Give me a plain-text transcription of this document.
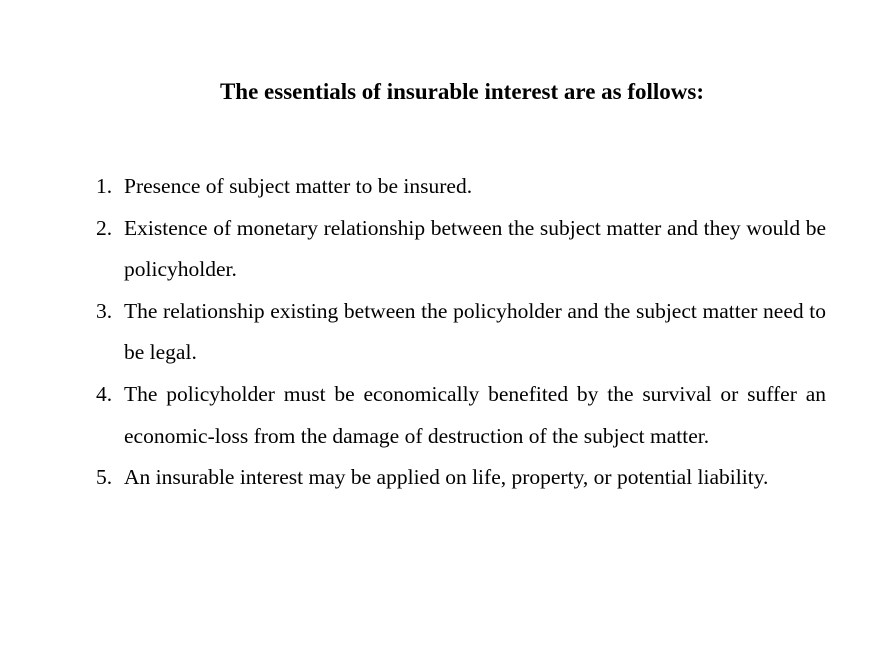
The essentials of insurable interest are as follows:
1. Presence of subject matter to be insured.
2. Existence of monetary relationship between the subject matter and they would be policyholder.
3. The relationship existing between the policyholder and the subject matter need to be legal.
4. The policyholder must be economically benefited by the survival or suffer an economic-loss from the damage of destruction of the subject matter.
5. An insurable interest may be applied on life, property, or potential liability.
